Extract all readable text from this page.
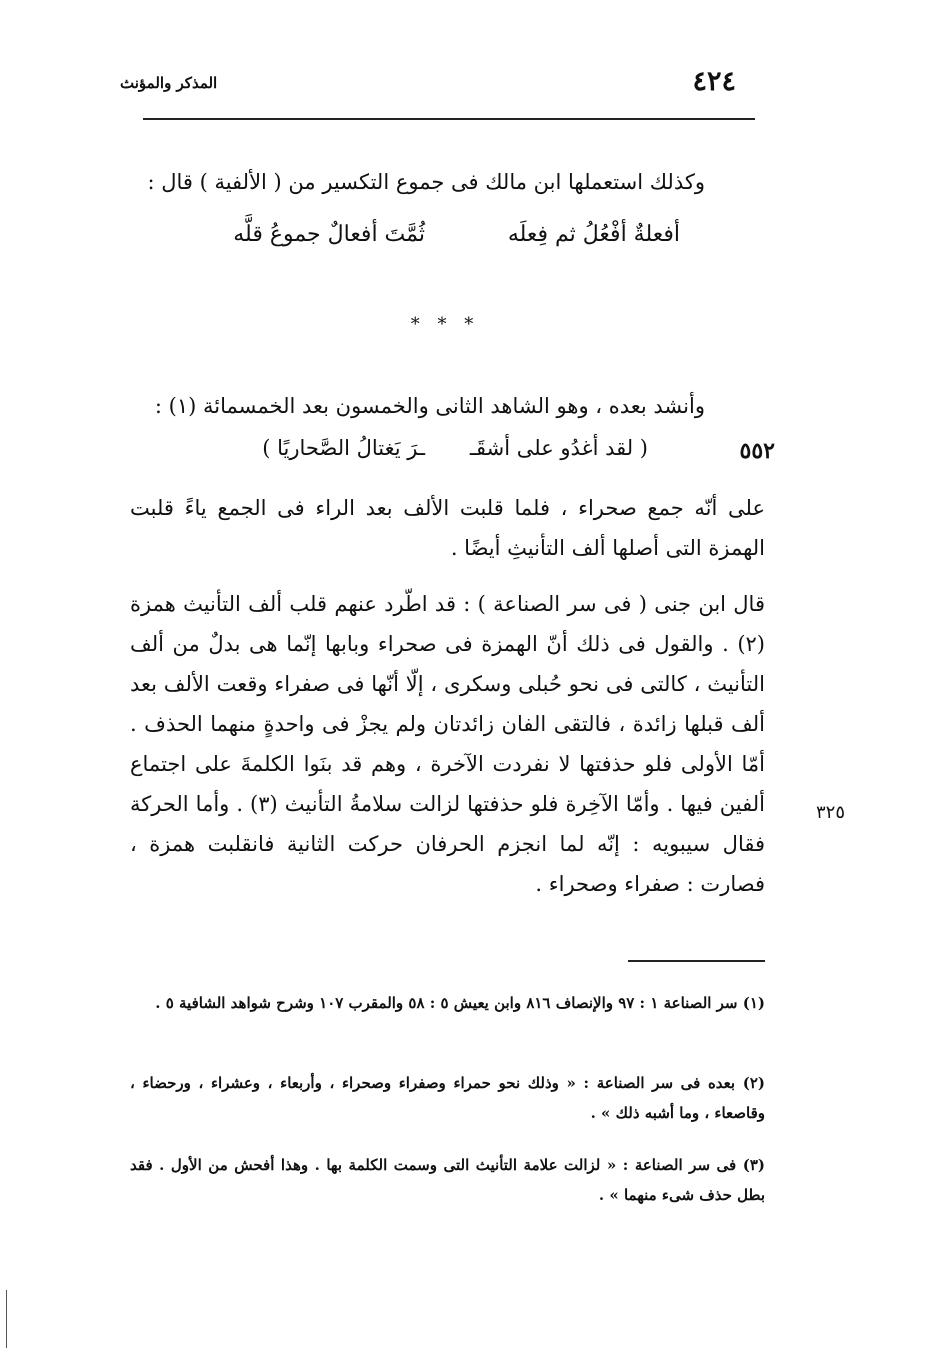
٤٢٤
المذكر والمؤنث
وكذلك استعملها ابن مالك فى جموع التكسير من ( الألفية ) قال :
أفعلةٌ أفْعُلُ ثم فِعلَه
ثُمَّتَ أفعالٌ جموعُ قلَّه
* * *
وأنشد بعده ، وهو الشاهد الثانى والخمسون بعد الخمسمائة (١) :
٥٥٢
( لقد أغدُو على أشقَـ
ـرَ يَغتالُ الصَّحاريًا )
على أنّه جمع صحراء ، فلما قلبت الألف بعد الراء فى الجمع ياءً قلبت الهمزة التى أصلها ألف التأنيثِ أيضًا .
قال ابن جنى ( فى سر الصناعة ) : قد اطّرد عنهم قلب ألف التأنيث همزة (٢) . والقول فى ذلك أنّ الهمزة فى صحراء وبابها إنّما هى بدلٌ من ألف التأنيث ، كالتى فى نحو حُبلى وسكرى ، إلّا أنّها فى صفراء وقعت الألف بعد ألف قبلها زائدة ، فالتقى الفان زائدتان ولم يجزْ فى واحدةٍ منهما الحذف . أمّا الأولى فلو حذفتها لا نفردت الآخرة ، وهم قد بنَوا الكلمةَ على اجتماع ألفين فيها . وأمّا الآخِرة فلو حذفتها لزالت سلامةُ التأنيث (٣) . وأما الحركة فقال سيبويه : إنّه لما انجزم الحرفان حركت الثانية فانقلبت همزة ، فصارت : صفراء وصحراء .
٣٢٥
(١) سر الصناعة ١ : ٩٧ والإنصاف ٨١٦ وابن يعيش ٥ : ٥٨ والمقرب ١٠٧ وشرح شواهد الشافية ٥ .
(٢) بعده فى سر الصناعة : « وذلك نحو حمراء وصفراء وصحراء ، وأربعاء ، وعشراء ، ورحضاء ، وقاصعاء ، وما أشبه ذلك » .
(٣) فى سر الصناعة : « لزالت علامة التأنيث التى وسمت الكلمة بها . وهذا أفحش من الأول . فقد بطل حذف شىء منهما » .
